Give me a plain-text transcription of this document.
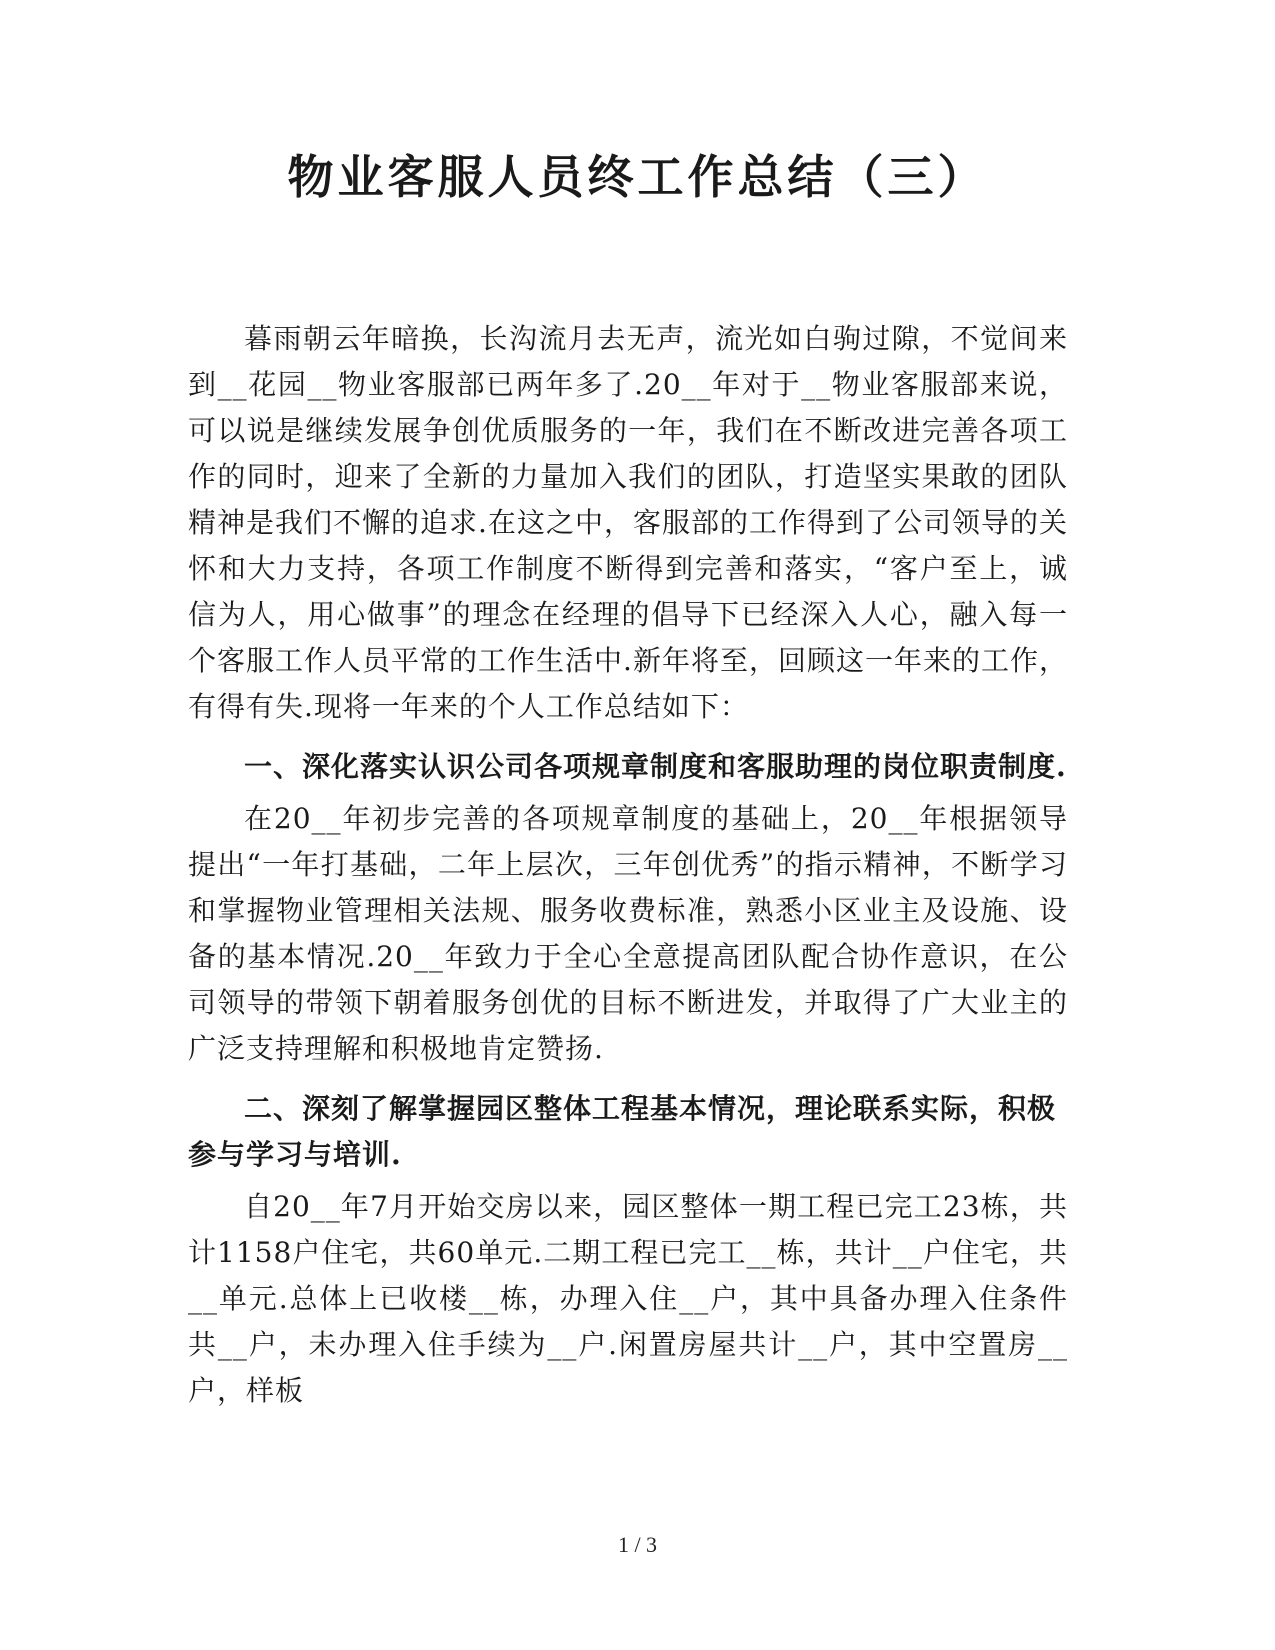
物业客服人员终工作总结（三）

暮雨朝云年暗换，长沟流月去无声，流光如白驹过隙，不觉间来到__花园__物业客服部已两年多了.20__年对于__物业客服部来说，可以说是继续发展争创优质服务的一年，我们在不断改进完善各项工作的同时，迎来了全新的力量加入我们的团队，打造坚实果敢的团队精神是我们不懈的追求.在这之中，客服部的工作得到了公司领导的关怀和大力支持，各项工作制度不断得到完善和落实，“客户至上，诚信为人，用心做事”的理念在经理的倡导下已经深入人心，融入每一个客服工作人员平常的工作生活中.新年将至，回顾这一年来的工作，有得有失.现将一年来的个人工作总结如下：

一、深化落实认识公司各项规章制度和客服助理的岗位职责制度.

在20__年初步完善的各项规章制度的基础上，20__年根据领导提出“一年打基础，二年上层次，三年创优秀”的指示精神，不断学习和掌握物业管理相关法规、服务收费标准，熟悉小区业主及设施、设备的基本情况.20__年致力于全心全意提高团队配合协作意识，在公司领导的带领下朝着服务创优的目标不断进发，并取得了广大业主的广泛支持理解和积极地肯定赞扬.

二、深刻了解掌握园区整体工程基本情况，理论联系实际，积极参与学习与培训.

自20__年7月开始交房以来，园区整体一期工程已完工23栋，共计1158户住宅，共60单元.二期工程已完工__栋，共计__户住宅，共__单元.总体上已收楼__栋，办理入住__户，其中具备办理入住条件共__户，未办理入住手续为__户.闲置房屋共计__户，其中空置房__户，样板

1 / 3
